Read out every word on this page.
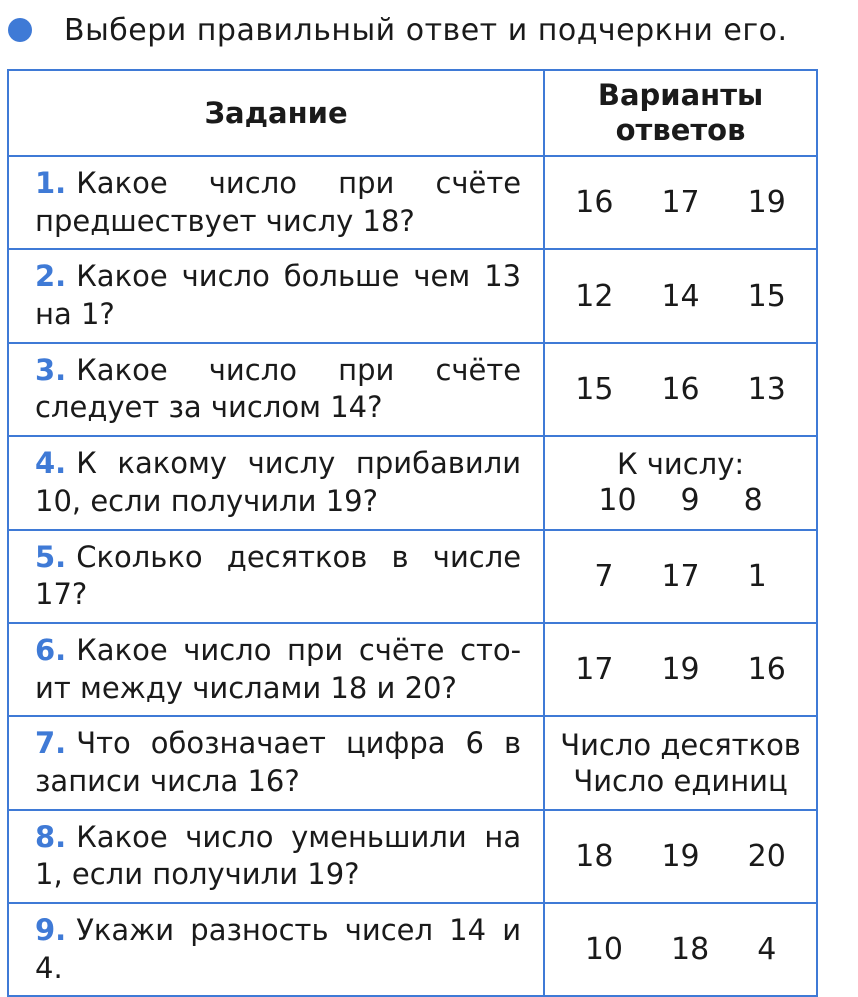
Выбери правильный ответ и подчеркни его.
Задание	Варианты ответов

1. Какое число при счёте предшествует числу 18?	16 17 19

2. Какое число больше чем 13 на 1?	12 14 15

3. Какое число при счёте следует за числом 14?	15 16 13

4. К какому числу прибавили 10, если получили 19?	К числу:
10 9 8

5. Сколько десятков в числе 17?	7 17 1

6. Какое число при счёте сто-ит между числами 18 и 20?	17 19 16

7. Что обозначает цифра 6 в записи числа 16?	Число десятков
Число единиц

8. Какое число уменьшили на 1, если получили 19?	18 19 20

9. Укажи разность чисел 14 и 4.	10 18 4
